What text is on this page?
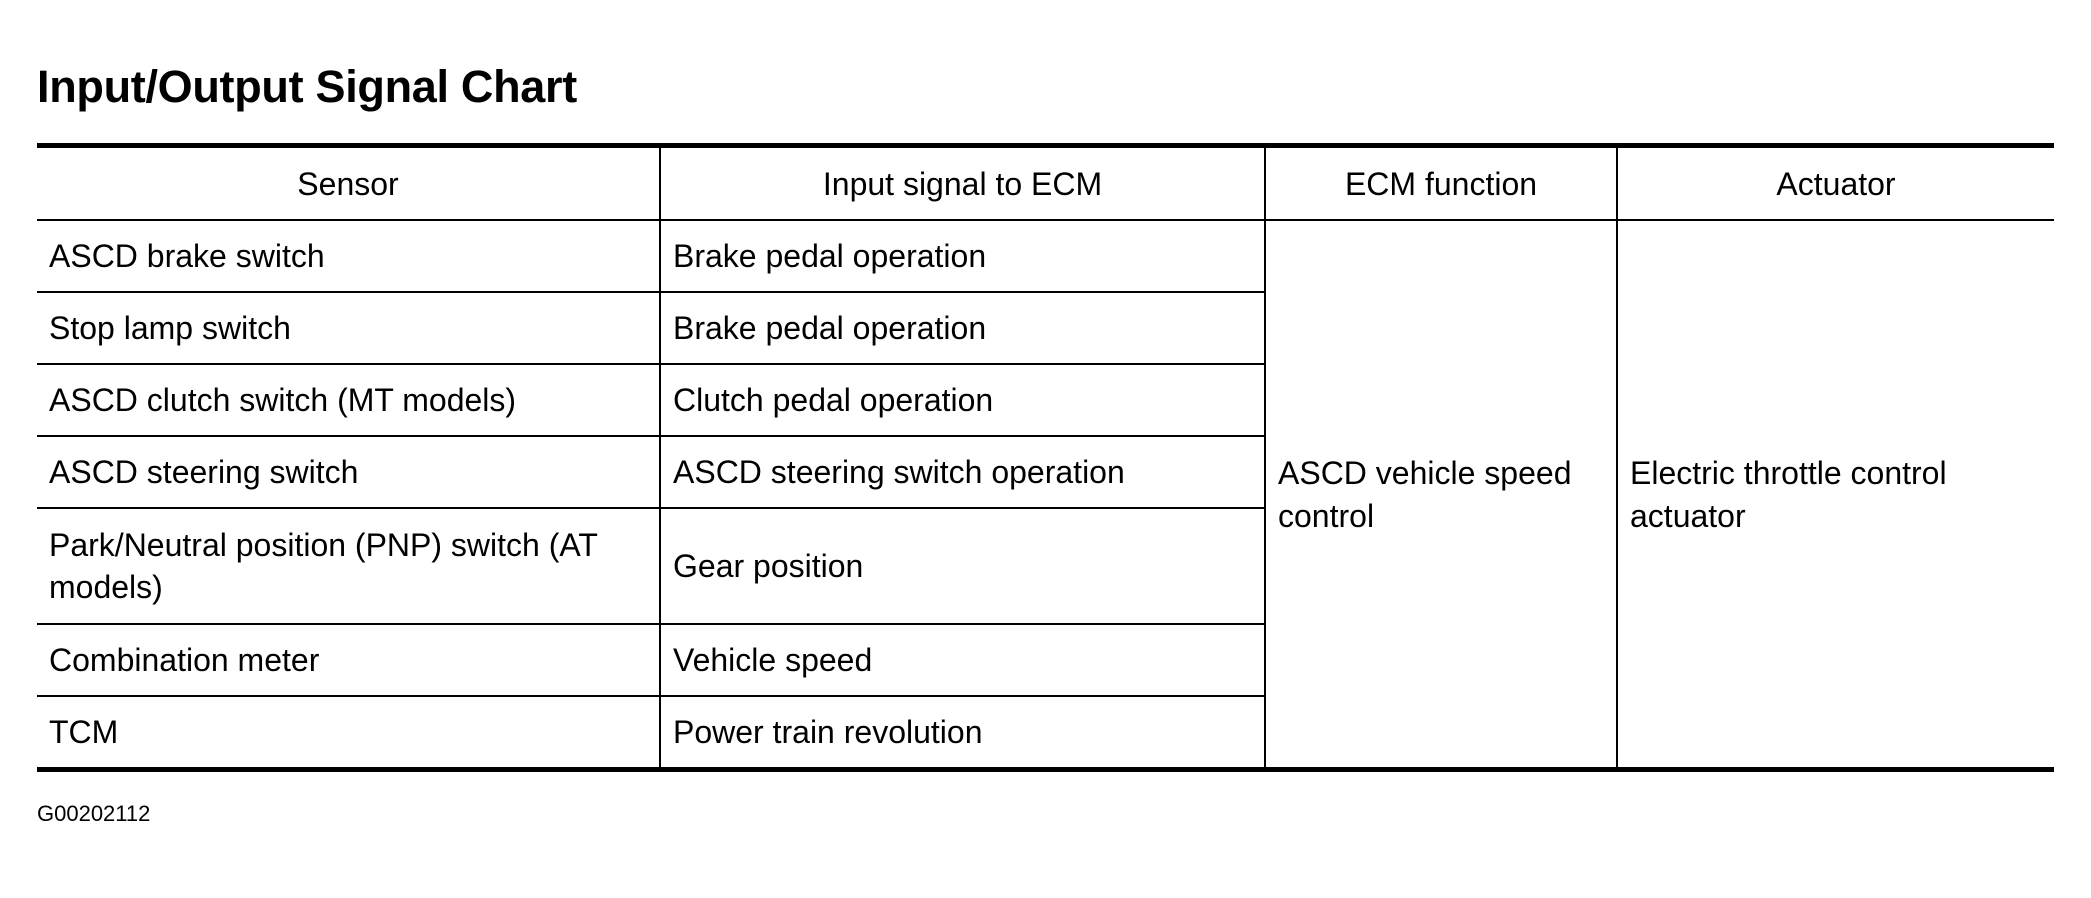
Input/Output Signal Chart
Sensor	Input signal to ECM	ECM function	Actuator
ASCD brake switch	Brake pedal operation	ASCD vehicle speed control	Electric throttle control actuator
Stop lamp switch	Brake pedal operation		
ASCD clutch switch (MT models)	Clutch pedal operation		
ASCD steering switch	ASCD steering switch operation		
Park/Neutral position (PNP) switch (AT models)	Gear position		
Combination meter	Vehicle speed		
TCM	Power train revolution		
G00202112
